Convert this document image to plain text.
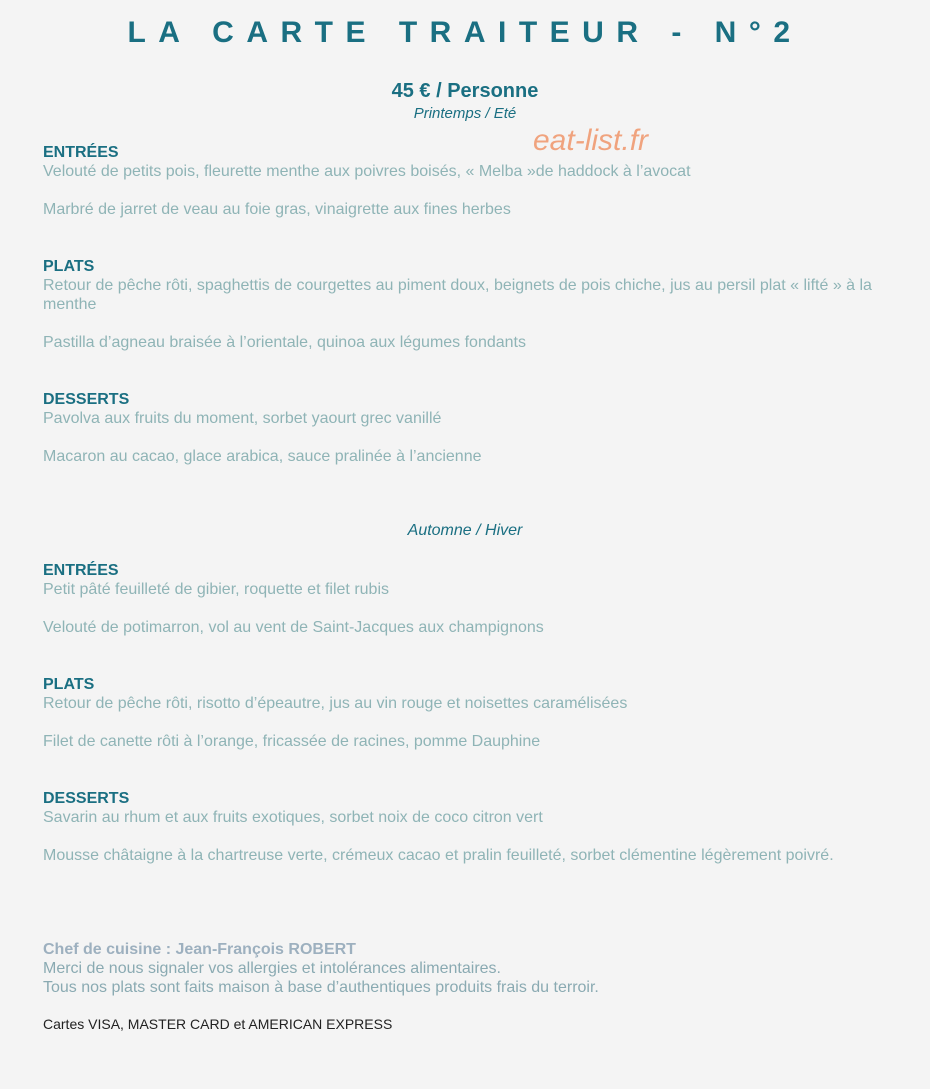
LA CARTE TRAITEUR - N°2
45 € / Personne
Printemps / Eté
eat-list.fr
ENTRÉES
Velouté de petits pois, fleurette menthe aux poivres boisés, « Melba »de haddock à l’avocat
Marbré de jarret de veau au foie gras, vinaigrette aux fines herbes
PLATS
Retour de pêche rôti, spaghettis de courgettes au piment doux, beignets de pois chiche, jus au persil plat « lifté » à la menthe
Pastilla d’agneau braisée à l’orientale, quinoa aux légumes fondants
DESSERTS
Pavolva aux fruits du moment, sorbet yaourt grec vanillé
Macaron au cacao, glace arabica, sauce pralinée à l’ancienne
Automne / Hiver
ENTRÉES
Petit pâté feuilleté de gibier, roquette et filet rubis
Velouté de potimarron, vol au vent de Saint-Jacques aux champignons
PLATS
Retour de pêche rôti, risotto d’épeautre, jus au vin rouge et noisettes caramélisées
Filet de canette rôti à l’orange, fricassée de racines, pomme Dauphine
DESSERTS
Savarin au rhum et aux fruits exotiques, sorbet noix de coco citron vert
Mousse châtaigne à la chartreuse verte, crémeux cacao et pralin feuilleté, sorbet clémentine légèrement poivré.
Chef de cuisine : Jean-François ROBERT
Merci de nous signaler vos allergies et intolérances alimentaires.
Tous nos plats sont faits maison à base d’authentiques produits frais du terroir.
Cartes VISA, MASTER CARD et AMERICAN EXPRESS
